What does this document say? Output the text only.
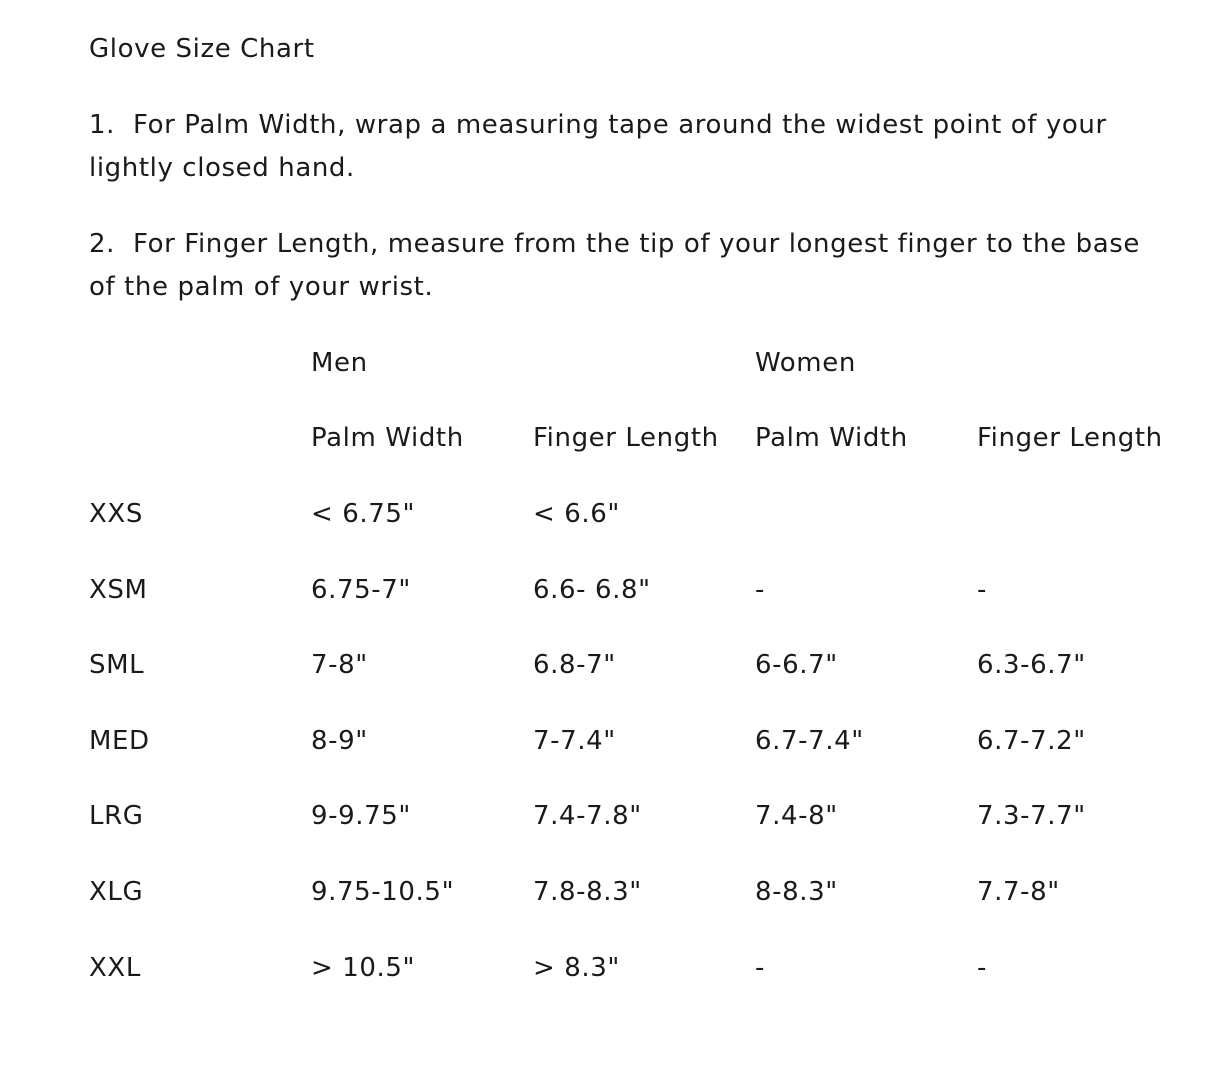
Glove Size Chart

1. For Palm Width, wrap a measuring tape around the widest point of your lightly closed hand.

2. For Finger Length, measure from the tip of your longest finger to the base of the palm of your wrist.

	Men		Women	
	Palm Width	Finger Length	Palm Width	Finger Length
XXS	< 6.75"	< 6.6"		
XSM	6.75-7"	6.6- 6.8"	-	-
SML	7-8"	6.8-7"	6-6.7"	6.3-6.7"
MED	8-9"	7-7.4"	6.7-7.4"	6.7-7.2"
LRG	9-9.75"	7.4-7.8"	7.4-8"	7.3-7.7"
XLG	9.75-10.5"	7.8-8.3"	8-8.3"	7.7-8"
XXL	> 10.5"	> 8.3"	-	-
